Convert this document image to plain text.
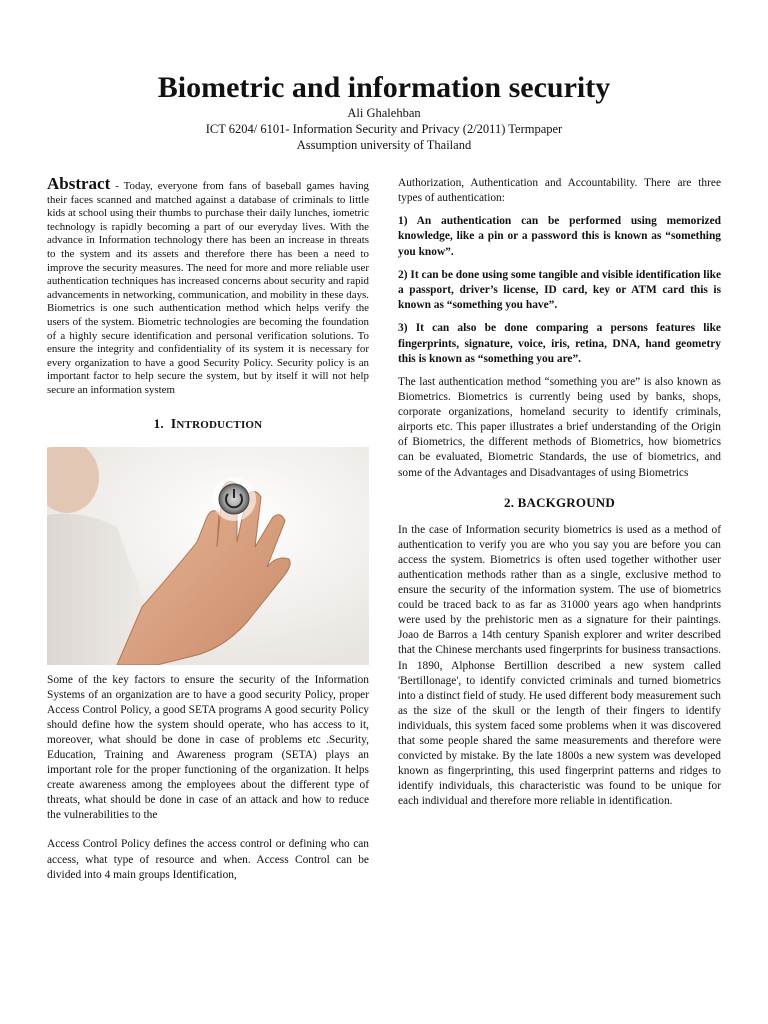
Biometric and information security
Ali Ghalehban
ICT 6204/ 6101- Information Security and Privacy (2/2011) Termpaper
Assumption university of Thailand

Abstract - Today, everyone from fans of baseball games having their faces scanned and matched against a database of criminals to little kids at school using their thumbs to purchase their daily lunches, iometric technology is rapidly becoming a part of our everyday lives. With the advance in Information technology there has been an increase in threats to the system and its assets and therefore there has been a need to improve the security measures. The need for more and more reliable user authentication techniques has increased concerns about security and rapid advancements in networking, communication, and mobility in these days. Biometrics is one such authentication method which helps verify the users of the system. Biometric technologies are becoming the foundation of a highly secure identification and personal verification solutions. To ensure the integrity and confidentiality of its system it is necessary for every organization to have a good Security Policy. Security policy is an important factor to help secure the system, but by itself it will not help secure an information system

1. INTRODUCTION

Some of the key factors to ensure the security of the Information Systems of an organization are to have a good security Policy, proper Access Control Policy, a good SETA programs A good security Policy should define how the system should operate, who has access to it, moreover, what should be done in case of problems etc .Security, Education, Training and Awareness program (SETA) plays an important role for the proper functioning of the organization. It helps create awareness among the employees about the different type of threats, what should be done in case of an attack and how to reduce the vulnerabilities to the

Access Control Policy defines the access control or defining who can access, what type of resource and when. Access Control can be divided into 4 main groups Identification,

Authorization, Authentication and Accountability. There are three types of authentication:

1) An authentication can be performed using memorized knowledge, like a pin or a password this is known as “something you know”.

2) It can be done using some tangible and visible identification like a passport, driver’s license, ID card, key or ATM card this is known as “something you have”.

3) It can also be done comparing a persons features like fingerprints, signature, voice, iris, retina, DNA, hand geometry this is known as “something you are”.

The last authentication method “something you are” is also known as Biometrics. Biometrics is currently being used by banks, shops, corporate organizations, homeland security to identify criminals, airports etc. This paper illustrates a brief understanding of the Origin of Biometrics, the different methods of Biometrics, how biometrics can be evaluated, Biometric Standards, the use of biometrics, and some of the Advantages and Disadvantages of using Biometrics

2. BACKGROUND

In the case of Information security biometrics is used as a method of authentication to verify you are who you say you are before you can access the system. Biometrics is often used together withother user authentication methods rather than as a single, exclusive method to ensure the security of the information system. The use of biometrics could be traced back to as far as 31000 years ago when handprints were used by the prehistoric men as a signature for their paintings. Joao de Barros a 14th century Spanish explorer and writer described that the Chinese merchants used fingerprints for business transactions. In 1890, Alphonse Bertillion described a new system called 'Bertillonage', to identify convicted criminals and turned biometrics into a distinct field of study. He used different body measurement such as the size of the skull or the length of their fingers to identify individuals, this system faced some problems when it was discovered that some people shared the same measurements and therefore were convicted by mistake. By the late 1800s a new system was developed known as fingerprinting, this used fingerprint patterns and ridges to identify individuals, this characteristic was found to be unique for each individual and therefore more reliable in identification.
